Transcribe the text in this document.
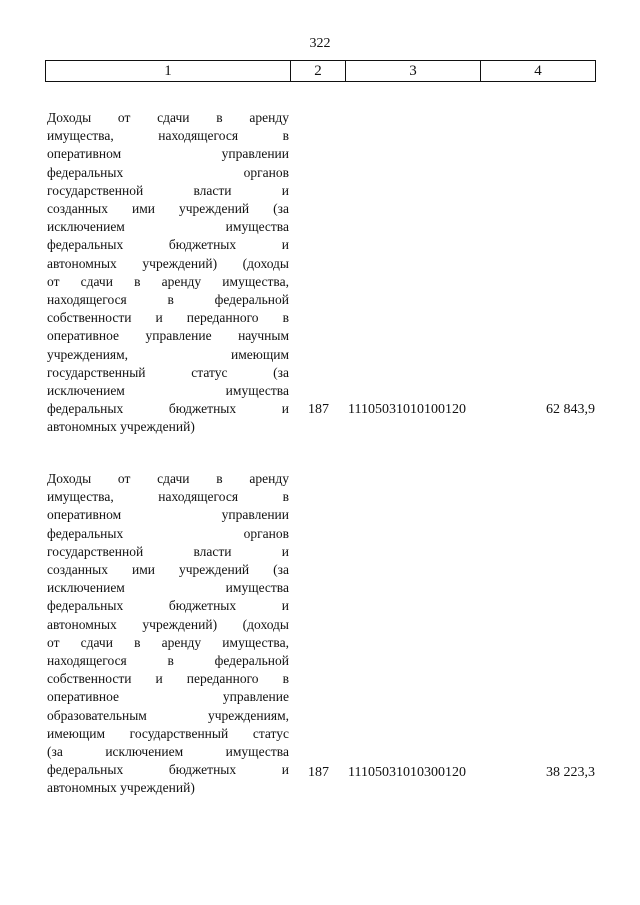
322
1	2	3	4
Доходы от сдачи в аренду
имущества, находящегося в
оперативном управлении
федеральных органов
государственной власти и
созданных ими учреждений (за
исключением имущества
федеральных бюджетных и
автономных учреждений) (доходы
от сдачи в аренду имущества,
находящегося в федеральной
собственности и переданного в
оперативное управление научным
учреждениям, имеющим
государственный статус (за
исключением имущества
федеральных бюджетных и
автономных учреждений)
187 11105031010100120	62 843,9
Доходы от сдачи в аренду
имущества, находящегося в
оперативном управлении
федеральных органов
государственной власти и
созданных ими учреждений (за
исключением имущества
федеральных бюджетных и
автономных учреждений) (доходы
от сдачи в аренду имущества,
находящегося в федеральной
собственности и переданного в
оперативное управление
образовательным учреждениям,
имеющим государственный статус
(за исключением имущества
федеральных бюджетных и
автономных учреждений)
187 11105031010300120	38 223,3
